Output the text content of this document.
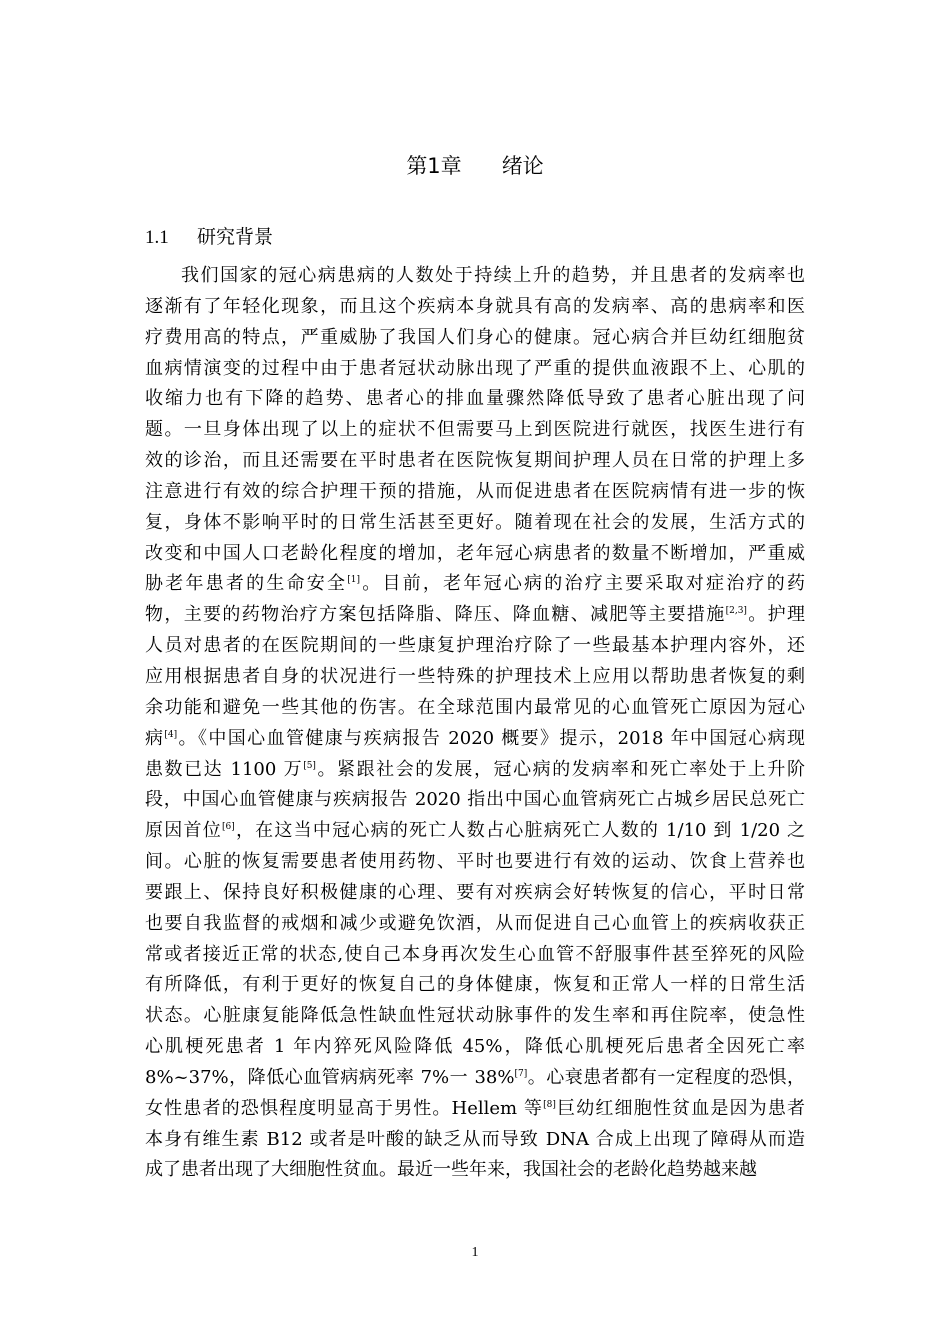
第1章 绪论
1.1 研究背景
我们国家的冠心病患病的人数处于持续上升的趋势，并且患者的发病率也
逐渐有了年轻化现象，而且这个疾病本身就具有高的发病率、高的患病率和医
疗费用高的特点，严重威胁了我国人们身心的健康。冠心病合并巨幼红细胞贫
血病情演变的过程中由于患者冠状动脉出现了严重的提供血液跟不上、心肌的
收缩力也有下降的趋势、患者心的排血量骤然降低导致了患者心脏出现了问
题。一旦身体出现了以上的症状不但需要马上到医院进行就医，找医生进行有
效的诊治，而且还需要在平时患者在医院恢复期间护理人员在日常的护理上多
注意进行有效的综合护理干预的措施，从而促进患者在医院病情有进一步的恢
复，身体不影响平时的日常生活甚至更好。随着现在社会的发展，生活方式的
改变和中国人口老龄化程度的增加，老年冠心病患者的数量不断增加，严重威
胁老年患者的生命安全[1]。目前，老年冠心病的治疗主要采取对症治疗的药
物，主要的药物治疗方案包括降脂、降压、降血糖、减肥等主要措施[2,3]。护理
人员对患者的在医院期间的一些康复护理治疗除了一些最基本护理内容外，还
应用根据患者自身的状况进行一些特殊的护理技术上应用以帮助患者恢复的剩
余功能和避免一些其他的伤害。在全球范围内最常见的心血管死亡原因为冠心
病[4]。《中国心血管健康与疾病报告 2020 概要》提示，2018 年中国冠心病现
患数已达 1100 万[5]。紧跟社会的发展，冠心病的发病率和死亡率处于上升阶
段，中国心血管健康与疾病报告 2020 指出中国心血管病死亡占城乡居民总死亡
原因首位[6]，在这当中冠心病的死亡人数占心脏病死亡人数的 1/10 到 1/20 之
间。心脏的恢复需要患者使用药物、平时也要进行有效的运动、饮食上营养也
要跟上、保持良好积极健康的心理、要有对疾病会好转恢复的信心，平时日常
也要自我监督的戒烟和减少或避免饮酒，从而促进自己心血管上的疾病收获正
常或者接近正常的状态,使自己本身再次发生心血管不舒服事件甚至猝死的风险
有所降低，有利于更好的恢复自己的身体健康，恢复和正常人一样的日常生活
状态。心脏康复能降低急性缺血性冠状动脉事件的发生率和再住院率，使急性
心肌梗死患者 1 年内猝死风险降低 45%，降低心肌梗死后患者全因死亡率
8%~37%，降低心血管病病死率 7%一 38%[7]。心衰患者都有一定程度的恐惧，
女性患者的恐惧程度明显高于男性。Hellem 等[8]巨幼红细胞性贫血是因为患者
本身有维生素 B12 或者是叶酸的缺乏从而导致 DNA 合成上出现了障碍从而造
成了患者出现了大细胞性贫血。最近一些年来，我国社会的老龄化趋势越来越
1
